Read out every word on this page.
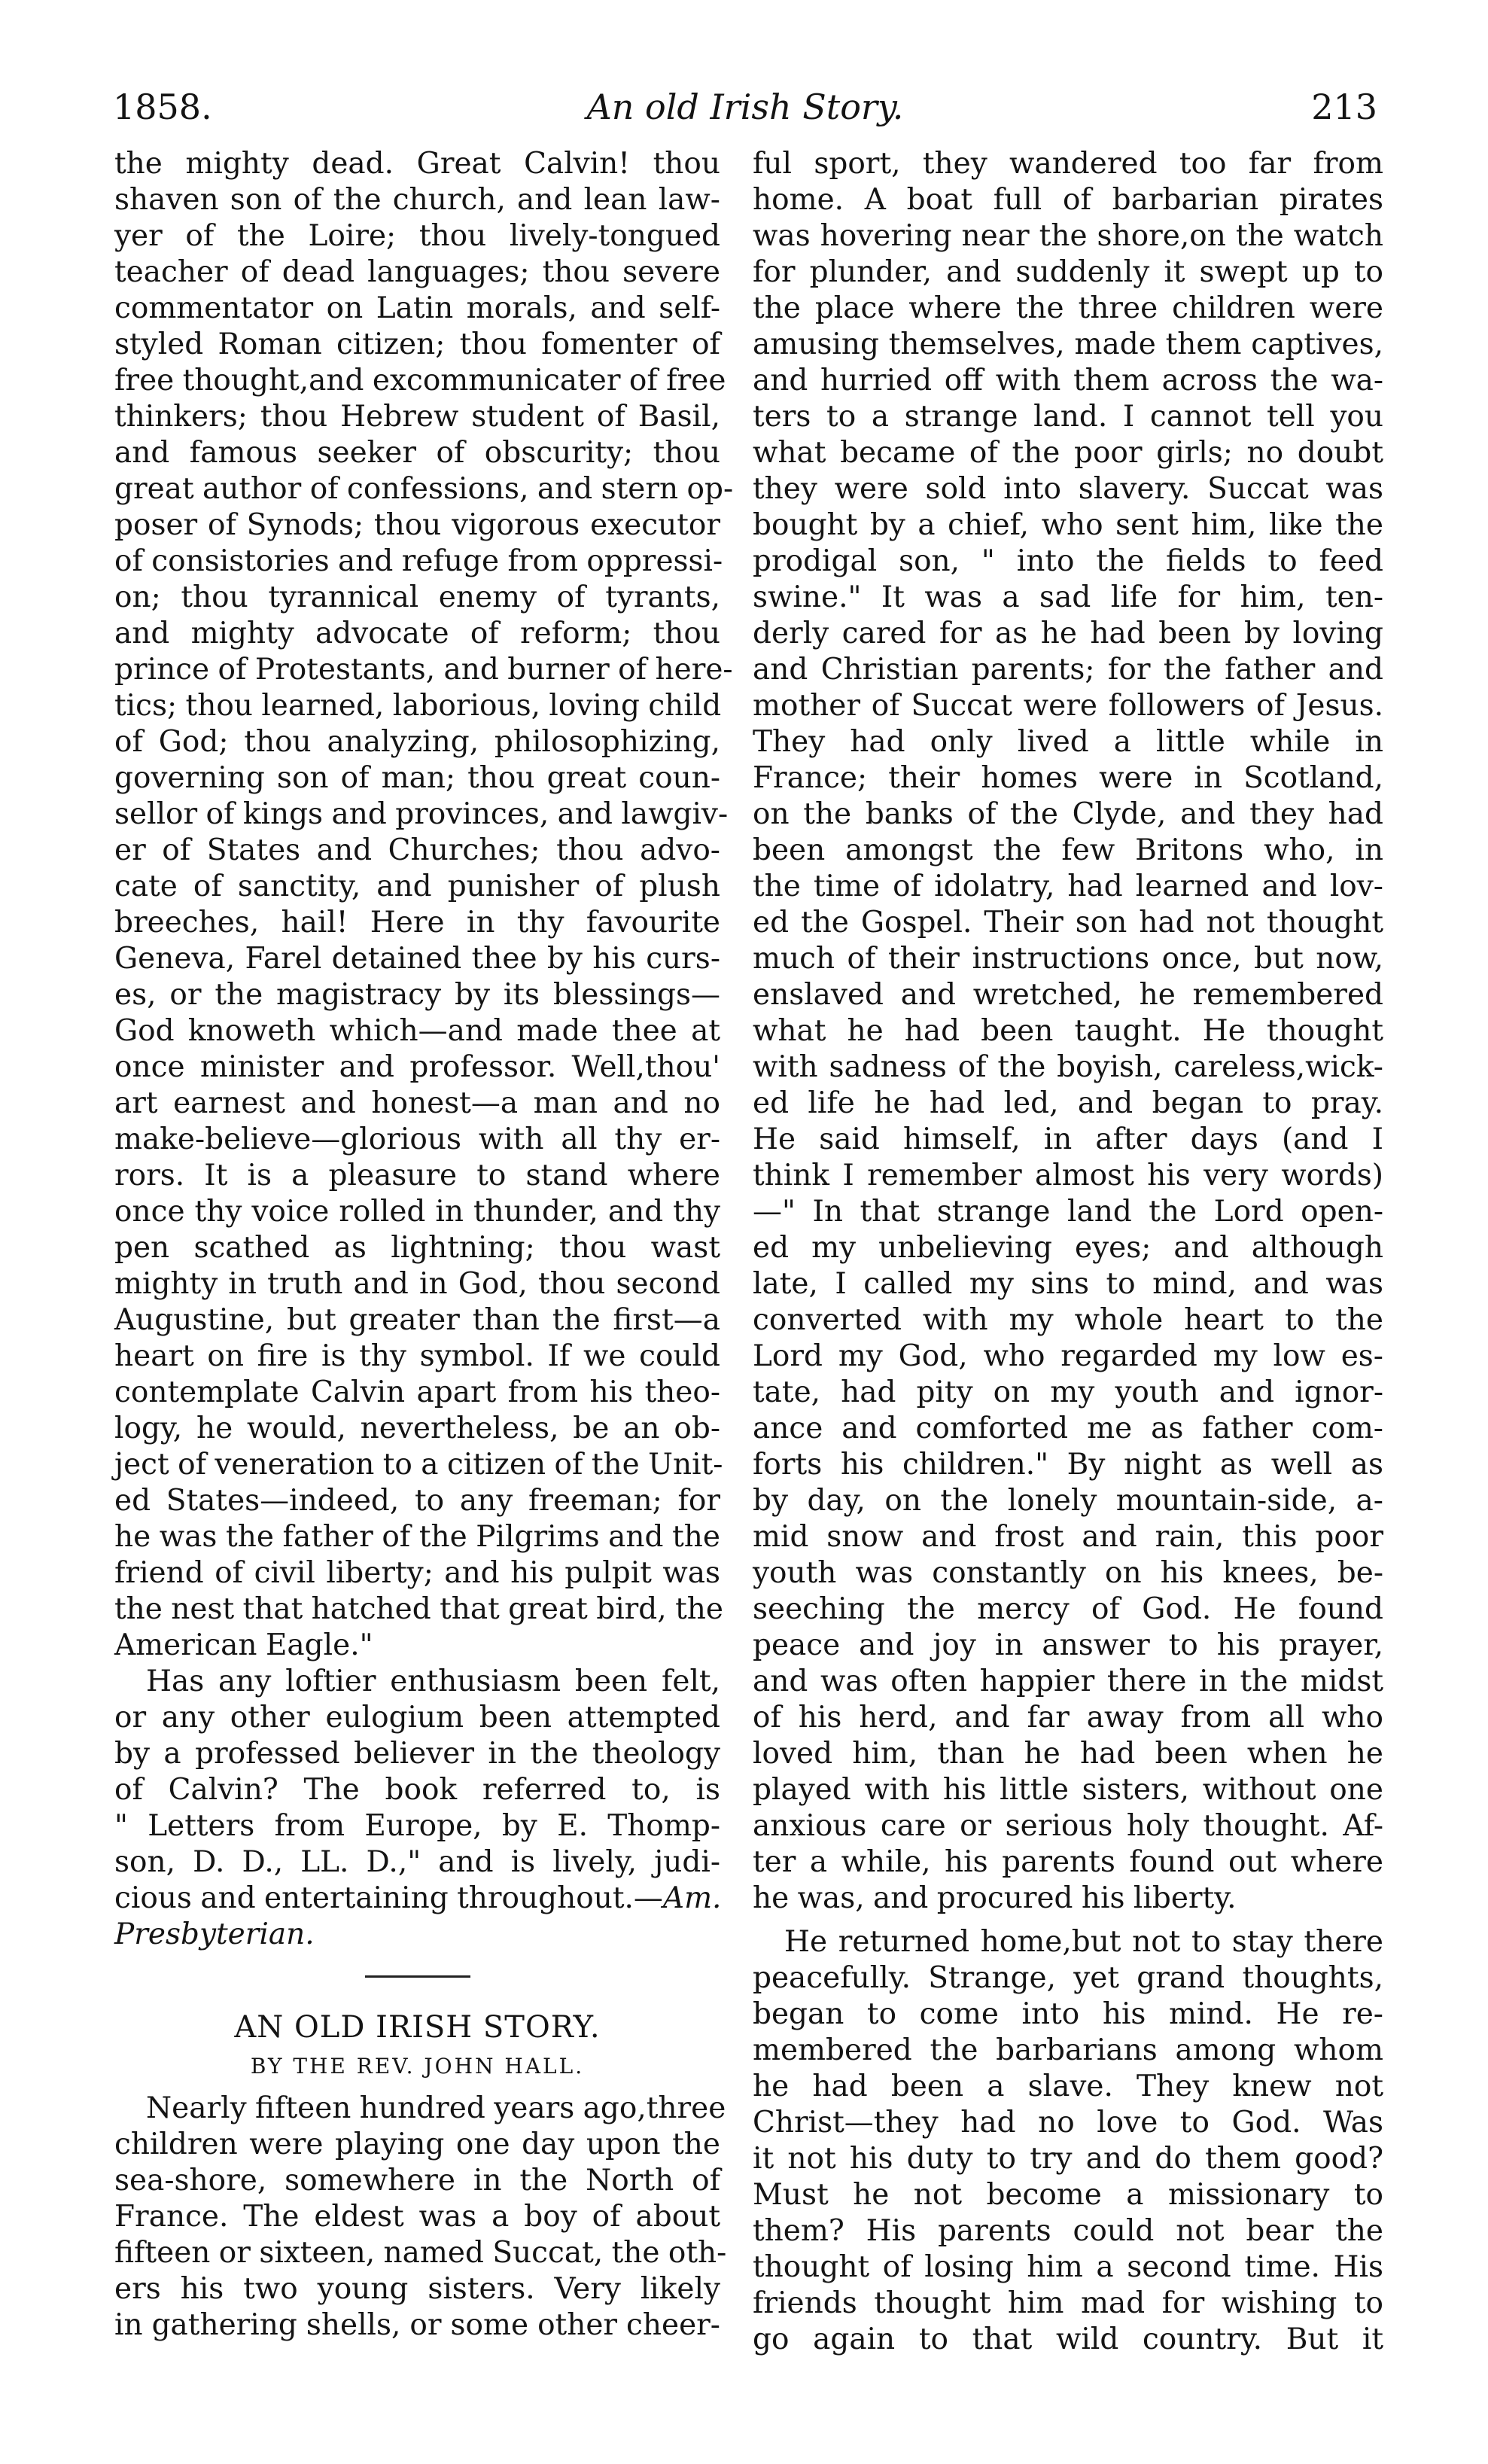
1858.	An old Irish Story.	213
the mighty dead. Great Calvin! thou
shaven son of the church, and lean law-
yer of the Loire; thou lively-tongued
teacher of dead languages; thou severe
commentator on Latin morals, and self-
styled Roman citizen; thou fomenter of
free thought,and excommunicater of free
thinkers; thou Hebrew student of Basil,
and famous seeker of obscurity; thou
great author of confessions, and stern op-
poser of Synods; thou vigorous executor
of consistories and refuge from oppressi-
on; thou tyrannical enemy of tyrants,
and mighty advocate of reform; thou
prince of Protestants, and burner of here-
tics; thou learned, laborious, loving child
of God; thou analyzing, philosophizing,
governing son of man; thou great coun-
sellor of kings and provinces, and lawgiv-
er of States and Churches; thou advo-
cate of sanctity, and punisher of plush
breeches, hail! Here in thy favourite
Geneva, Farel detained thee by his curs-
es, or the magistracy by its blessings—
God knoweth which—and made thee at
once minister and professor. Well,thou'
art earnest and honest—a man and no
make-believe—glorious with all thy er-
rors. It is a pleasure to stand where
once thy voice rolled in thunder, and thy
pen scathed as lightning; thou wast
mighty in truth and in God, thou second
Augustine, but greater than the first—a
heart on fire is thy symbol. If we could
contemplate Calvin apart from his theo-
logy, he would, nevertheless, be an ob-
ject of veneration to a citizen of the Unit-
ed States—indeed, to any freeman; for
he was the father of the Pilgrims and the
friend of civil liberty; and his pulpit was
the nest that hatched that great bird, the
American Eagle."
Has any loftier enthusiasm been felt,
or any other eulogium been attempted
by a professed believer in the theology
of Calvin? The book referred to, is
" Letters from Europe, by E. Thomp-
son, D. D., LL. D.," and is lively, judi-
cious and entertaining throughout.—Am.
Presbyterian.
AN OLD IRISH STORY.
BY THE REV. JOHN HALL.
Nearly fifteen hundred years ago,three
children were playing one day upon the
sea-shore, somewhere in the North of
France. The eldest was a boy of about
fifteen or sixteen, named Succat, the oth-
ers his two young sisters. Very likely
in gathering shells, or some other cheer-
ful sport, they wandered too far from
home. A boat full of barbarian pirates
was hovering near the shore,on the watch
for plunder, and suddenly it swept up to
the place where the three children were
amusing themselves, made them captives,
and hurried off with them across the wa-
ters to a strange land. I cannot tell you
what became of the poor girls; no doubt
they were sold into slavery. Succat was
bought by a chief, who sent him, like the
prodigal son, " into the fields to feed
swine." It was a sad life for him, ten-
derly cared for as he had been by loving
and Christian parents; for the father and
mother of Succat were followers of Jesus.
They had only lived a little while in
France; their homes were in Scotland,
on the banks of the Clyde, and they had
been amongst the few Britons who, in
the time of idolatry, had learned and lov-
ed the Gospel. Their son had not thought
much of their instructions once, but now,
enslaved and wretched, he remembered
what he had been taught. He thought
with sadness of the boyish, careless,wick-
ed life he had led, and began to pray.
He said himself, in after days (and I
think I remember almost his very words)
—" In that strange land the Lord open-
ed my unbelieving eyes; and although
late, I called my sins to mind, and was
converted with my whole heart to the
Lord my God, who regarded my low es-
tate, had pity on my youth and ignor-
ance and comforted me as father com-
forts his children." By night as well as
by day, on the lonely mountain-side, a-
mid snow and frost and rain, this poor
youth was constantly on his knees, be-
seeching the mercy of God. He found
peace and joy in answer to his prayer,
and was often happier there in the midst
of his herd, and far away from all who
loved him, than he had been when he
played with his little sisters, without one
anxious care or serious holy thought. Af-
ter a while, his parents found out where
he was, and procured his liberty.
He returned home,but not to stay there
peacefully. Strange, yet grand thoughts,
began to come into his mind. He re-
membered the barbarians among whom
he had been a slave. They knew not
Christ—they had no love to God. Was
it not his duty to try and do them good?
Must he not become a missionary to
them? His parents could not bear the
thought of losing him a second time. His
friends thought him mad for wishing to
go again to that wild country. But it
